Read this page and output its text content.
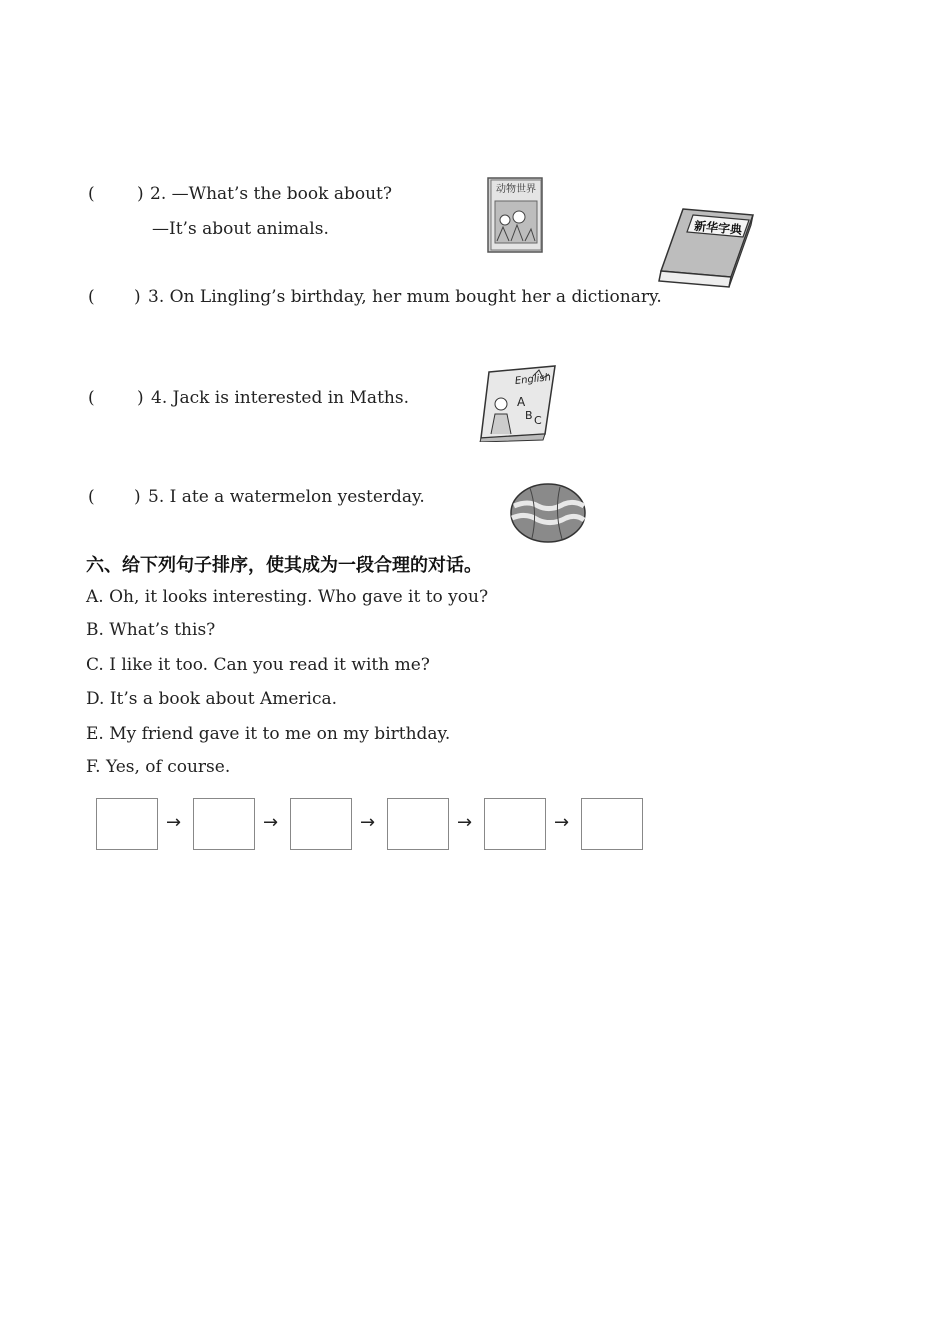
( ) 2. —What’s the book about?
—It’s about animals.
动物世界
新华字典
( ) 3. On Lingling’s birthday, her mum bought her a dictionary.
English
A
B C
( ) 4. Jack is interested in Maths.
( ) 5. I ate a watermelon yesterday.
六、给下列句子排序，使其成为一段合理的对话。
A. Oh, it looks interesting. Who gave it to you?
B. What’s this?
C. I like it too. Can you read it with me?
D. It’s a book about America.
E. My friend gave it to me on my birthday.
F. Yes, of course.
→	→	→	→	→
